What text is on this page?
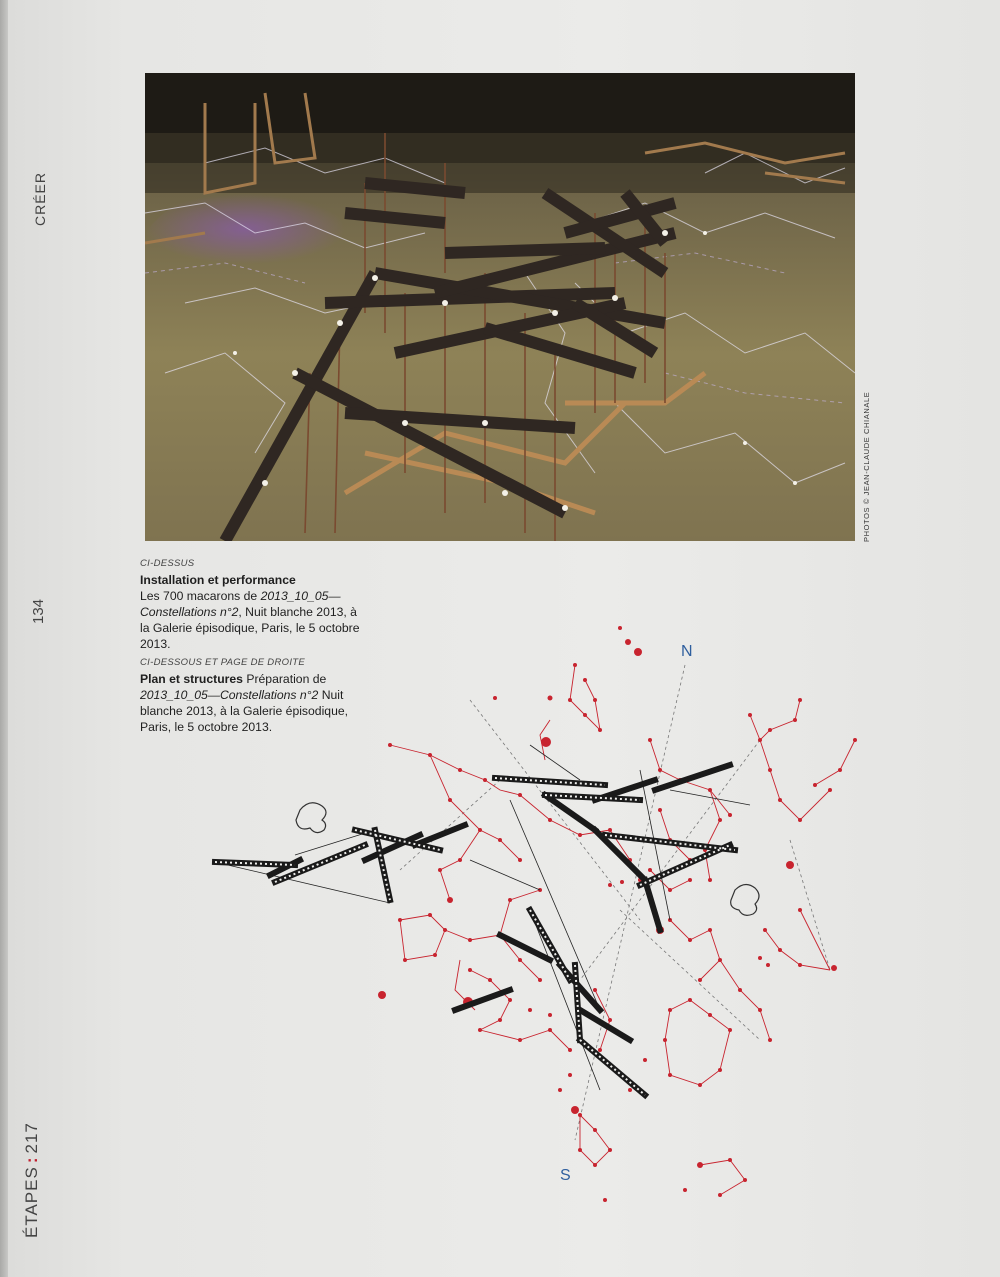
CRÉER
134
ÉTAPES:217
PHOTOS © JEAN-CLAUDE CHIANALE
CI-DESSUS
Installation et performance
Les 700 macarons de 2013_10_05—
Constellations n°2, Nuit blanche 2013, à la Galerie épisodique, Paris, le 5 octobre 2013.
CI-DESSOUS ET PAGE DE DROITE
Plan et structures Préparation de 2013_10_05—Constellations n°2 Nuit blanche 2013, à la Galerie épisodique, Paris, le 5 octobre 2013.
N
S
